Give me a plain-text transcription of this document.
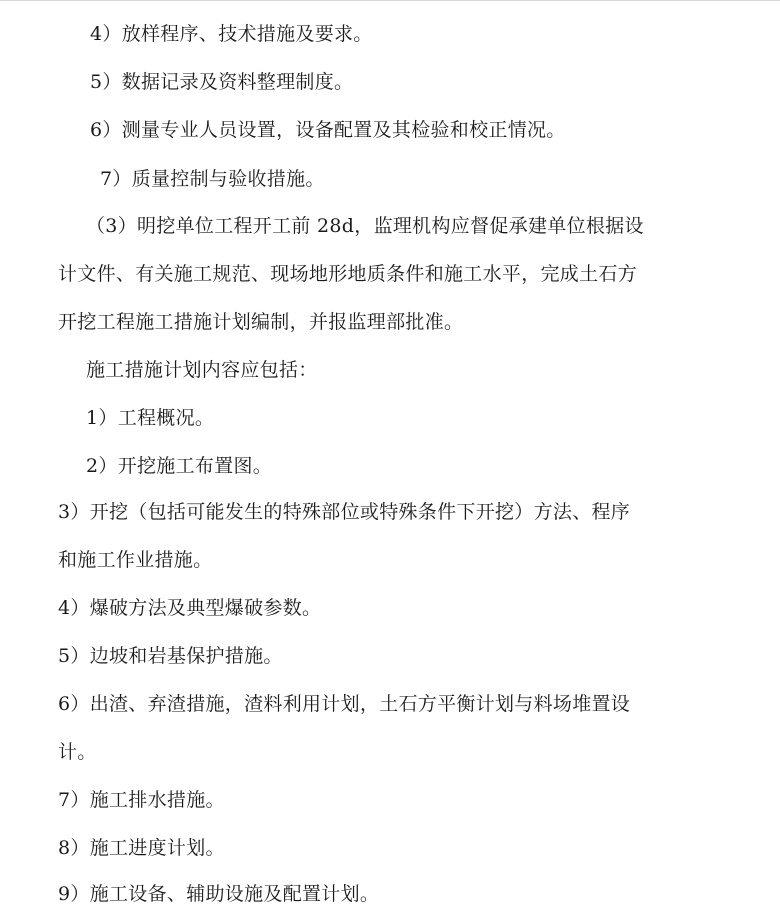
4）放样程序、技术措施及要求。
5）数据记录及资料整理制度。
6）测量专业人员设置，设备配置及其检验和校正情况。
7）质量控制与验收措施。
（3）明挖单位工程开工前 28d，监理机构应督促承建单位根据设
计文件、有关施工规范、现场地形地质条件和施工水平，完成土石方
开挖工程施工措施计划编制，并报监理部批准。
施工措施计划内容应包括：
1）工程概况。
2）开挖施工布置图。
3）开挖（包括可能发生的特殊部位或特殊条件下开挖）方法、程序
和施工作业措施。
4）爆破方法及典型爆破参数。
5）边坡和岩基保护措施。
6）出渣、弃渣措施，渣料利用计划，土石方平衡计划与料场堆置设
计。
7）施工排水措施。
8）施工进度计划。
9）施工设备、辅助设施及配置计划。
